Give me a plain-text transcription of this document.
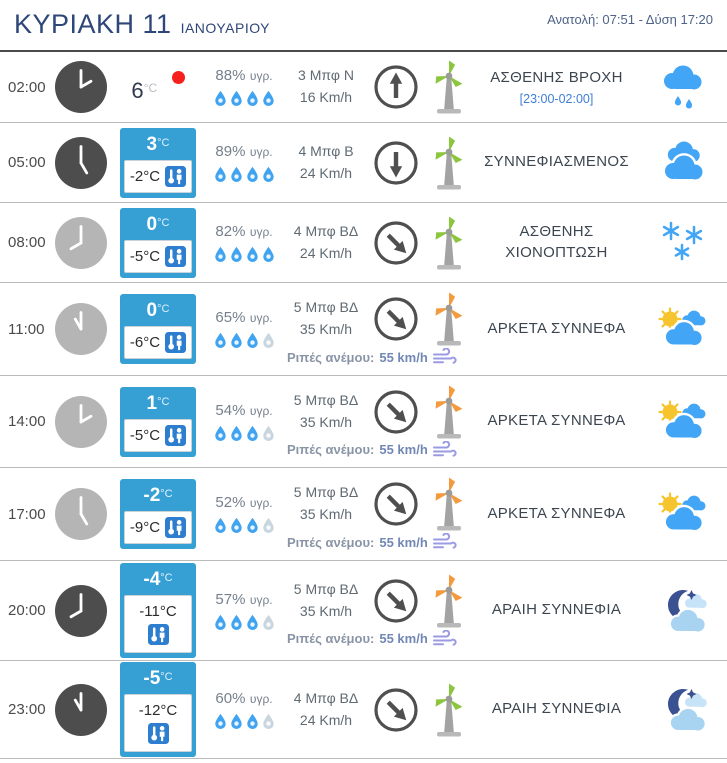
ΚΥΡΙΑΚΗ 11 ΙΑΝΟΥΑΡΙΟΥ
Ανατολή: 07:51 - Δύση 17:20
02:00	$6^{^\circ C}$
88% υγρ. 3 Μπφ Ν
16 Km/h
ΑΣΘΕΝΗΣ ΒΡΟΧΗ
[23:00-02:00]
05:00
$3^{^\circ C}$
-2°C
89% υγρ. 4 Μπφ Β
24 Km/h
ΣΥΝΝΕΦΙΑΣΜΕΝΟΣ
08:00
$0^{^\circ C}$
-5°C
82% υγρ. 4 Μπφ ΒΔ
24 Km/h
ΑΣΘΕΝΗΣ ΧΙΟΝΟΠΤΩΣΗ
11:00
$0^{^\circ C}$
-6°C
65% υγρ.
5 Μπφ ΒΔ
35 Km/h
Ριπές ανέμου: 55 km/h
ΑΡΚΕΤΑ ΣΥΝΝΕΦΑ
14:00
$1^{^\circ C}$
-5°C
54% υγρ.
5 Μπφ ΒΔ
35 Km/h
Ριπές ανέμου: 55 km/h
ΑΡΚΕΤΑ ΣΥΝΝΕΦΑ
17:00
$-2^{^\circ C}$
-9°C
52% υγρ.
5 Μπφ ΒΔ
35 Km/h
Ριπές ανέμου: 55 km/h
ΑΡΚΕΤΑ ΣΥΝΝΕΦΑ
20:00
$-4^{^\circ C}$
-11°C
57% υγρ.
5 Μπφ ΒΔ
35 Km/h
Ριπές ανέμου: 55 km/h
ΑΡΑΙΗ ΣΥΝΝΕΦΙΑ
23:00
$-5^{^\circ C}$
-12°C
60% υγρ. 4 Μπφ ΒΔ
24 Km/h
ΑΡΑΙΗ ΣΥΝΝΕΦΙΑ
